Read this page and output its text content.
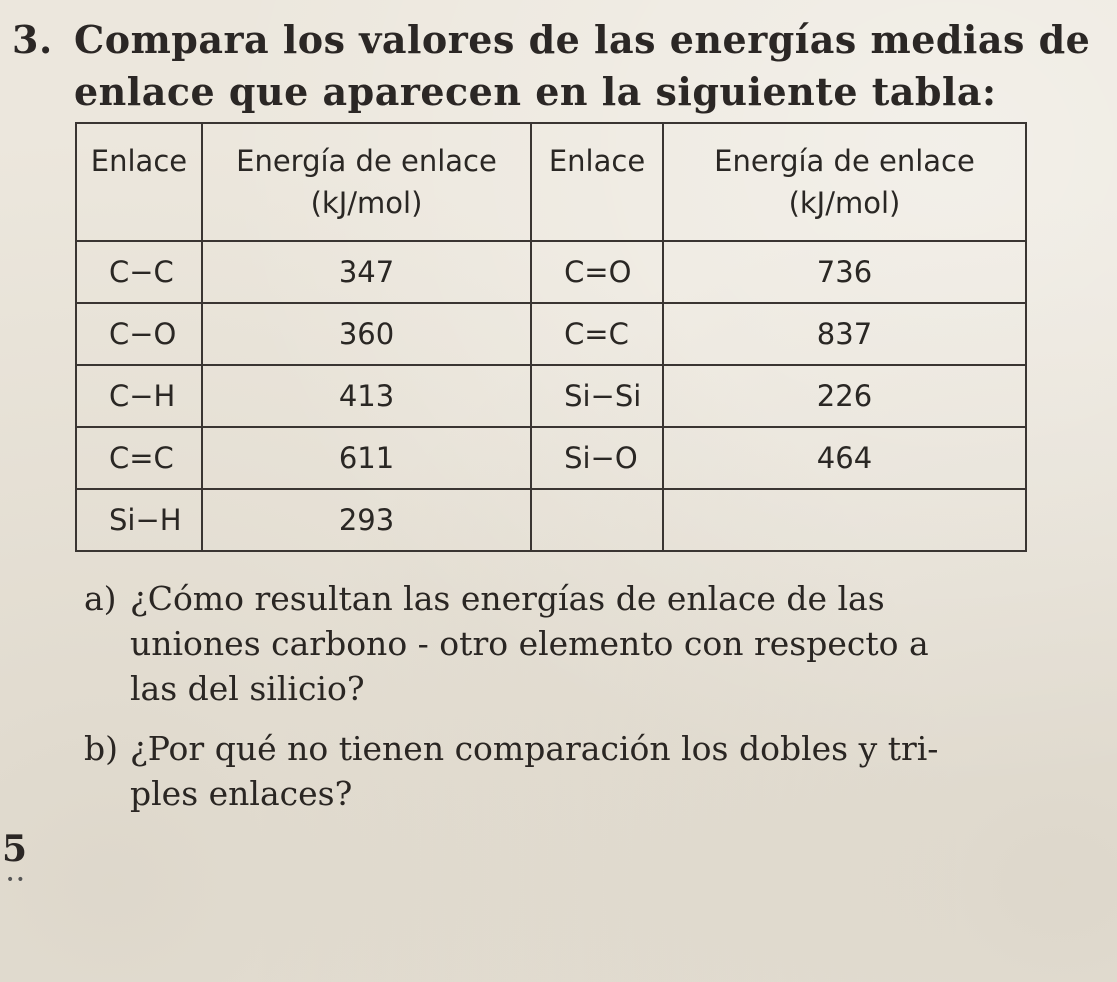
3. Compara los valores de las energías medias de
enlace que aparecen en la siguiente tabla:
Enlace	Energía de enlace (kJ/mol)	Enlace	Energía de enlace (kJ/mol)
C−C	347	C=O	736
C−O	360	C=C	837
C−H	413	Si−Si	226
C=C	611	Si−O	464
Si−H	293		
a) ¿Cómo resultan las energías de enlace de las
uniones carbono - otro elemento con respecto a
las del silicio?
b) ¿Por qué no tienen comparación los dobles y tri-
ples enlaces?
5
••
